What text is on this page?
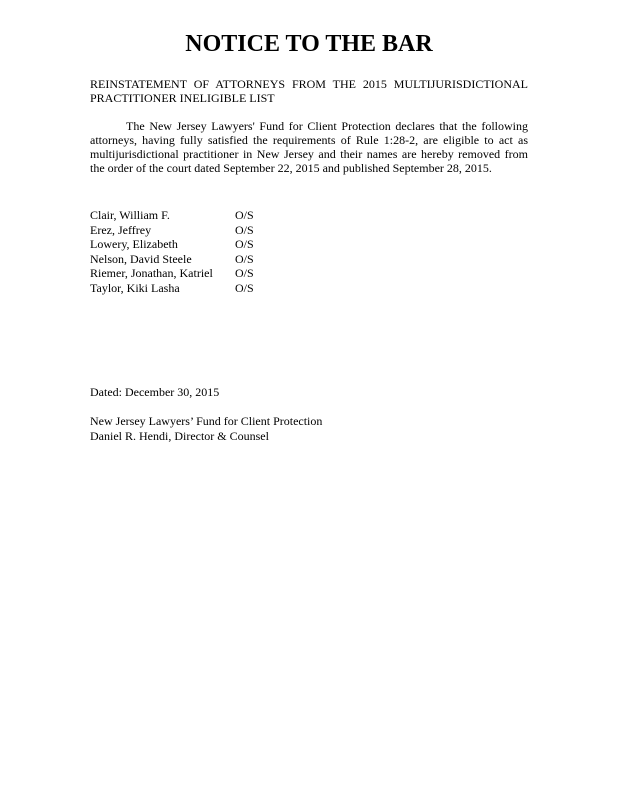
NOTICE TO THE BAR

REINSTATEMENT OF ATTORNEYS FROM THE 2015 MULTIJURISDICTIONAL PRACTITIONER INELIGIBLE LIST

The New Jersey Lawyers' Fund for Client Protection declares that the following attorneys, having fully satisfied the requirements of Rule 1:28-2, are eligible to act as multijurisdictional practitioner in New Jersey and their names are hereby removed from the order of the court dated September 22, 2015 and published September 28, 2015.

Clair, William F.	O/S
Erez, Jeffrey	O/S
Lowery, Elizabeth	O/S
Nelson, David Steele	O/S
Riemer, Jonathan, Katriel	O/S
Taylor, Kiki Lasha	O/S

Dated: December 30, 2015

New Jersey Lawyers’ Fund for Client Protection
Daniel R. Hendi, Director & Counsel
